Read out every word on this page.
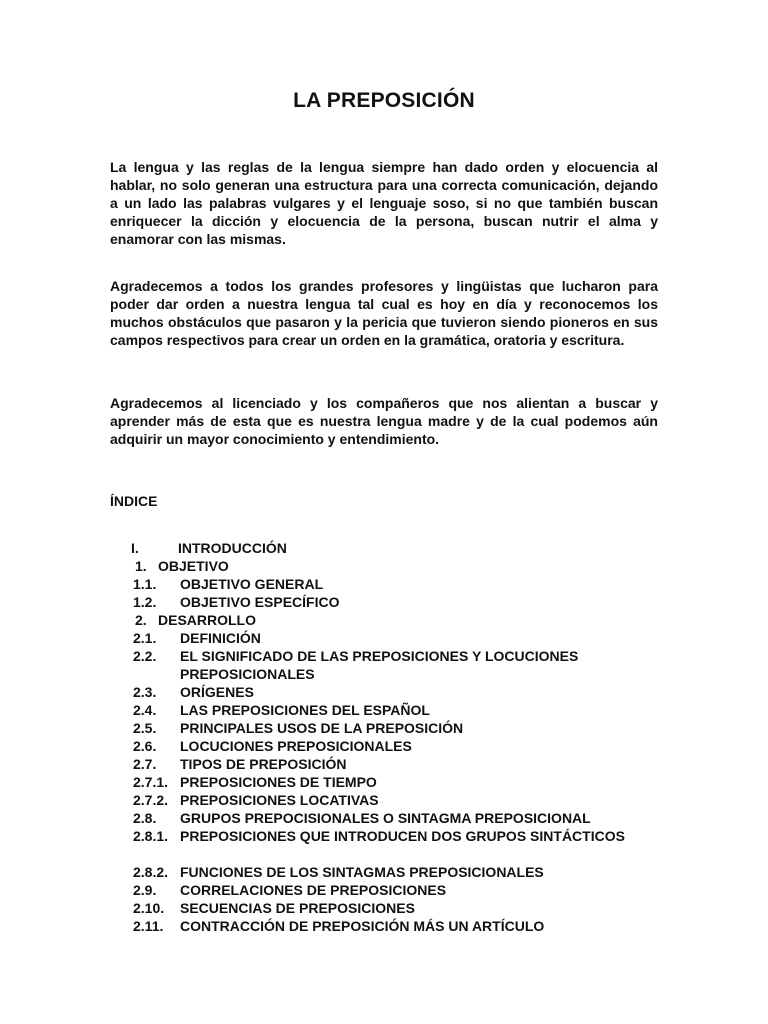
LA PREPOSICIÓN

La lengua y las reglas de la lengua siempre han dado orden y elocuencia al hablar, no solo generan una estructura para una correcta comunicación, dejando a un lado las palabras vulgares y el lenguaje soso, si no que también buscan enriquecer la dicción y elocuencia de la persona, buscan nutrir el alma y enamorar con las mismas.

Agradecemos a todos los grandes profesores y lingüistas que lucharon para poder dar orden a nuestra lengua tal cual es hoy en día y reconocemos los muchos obstáculos que pasaron y la pericia que tuvieron siendo pioneros en sus campos respectivos para crear un orden en la gramática, oratoria y escritura.

Agradecemos al licenciado y los compañeros que nos alientan a buscar y aprender más de esta que es nuestra lengua madre y de la cual podemos aún adquirir un mayor conocimiento y entendimiento.

ÍNDICE
I.	INTRODUCCIÓN
1. OBJETIVO
1.1. OBJETIVO GENERAL
1.2. OBJETIVO ESPECÍFICO
2. DESARROLLO
2.1. DEFINICIÓN
2.2. EL SIGNIFICADO DE LAS PREPOSICIONES Y LOCUCIONES PREPOSICIONALES
2.3. ORÍGENES
2.4. LAS PREPOSICIONES DEL ESPAÑOL
2.5. PRINCIPALES USOS DE LA PREPOSICIÓN
2.6. LOCUCIONES PREPOSICIONALES
2.7. TIPOS DE PREPOSICIÓN
2.7.1. PREPOSICIONES DE TIEMPO
2.7.2. PREPOSICIONES LOCATIVAS
2.8. GRUPOS PREPOCISIONALES O SINTAGMA PREPOSICIONAL
2.8.1. PREPOSICIONES QUE INTRODUCEN DOS GRUPOS SINTÁCTICOS
2.8.2. FUNCIONES DE LOS SINTAGMAS PREPOSICIONALES
2.9. CORRELACIONES DE PREPOSICIONES
2.10. SECUENCIAS DE PREPOSICIONES
2.11. CONTRACCIÓN DE PREPOSICIÓN MÁS UN ARTÍCULO
